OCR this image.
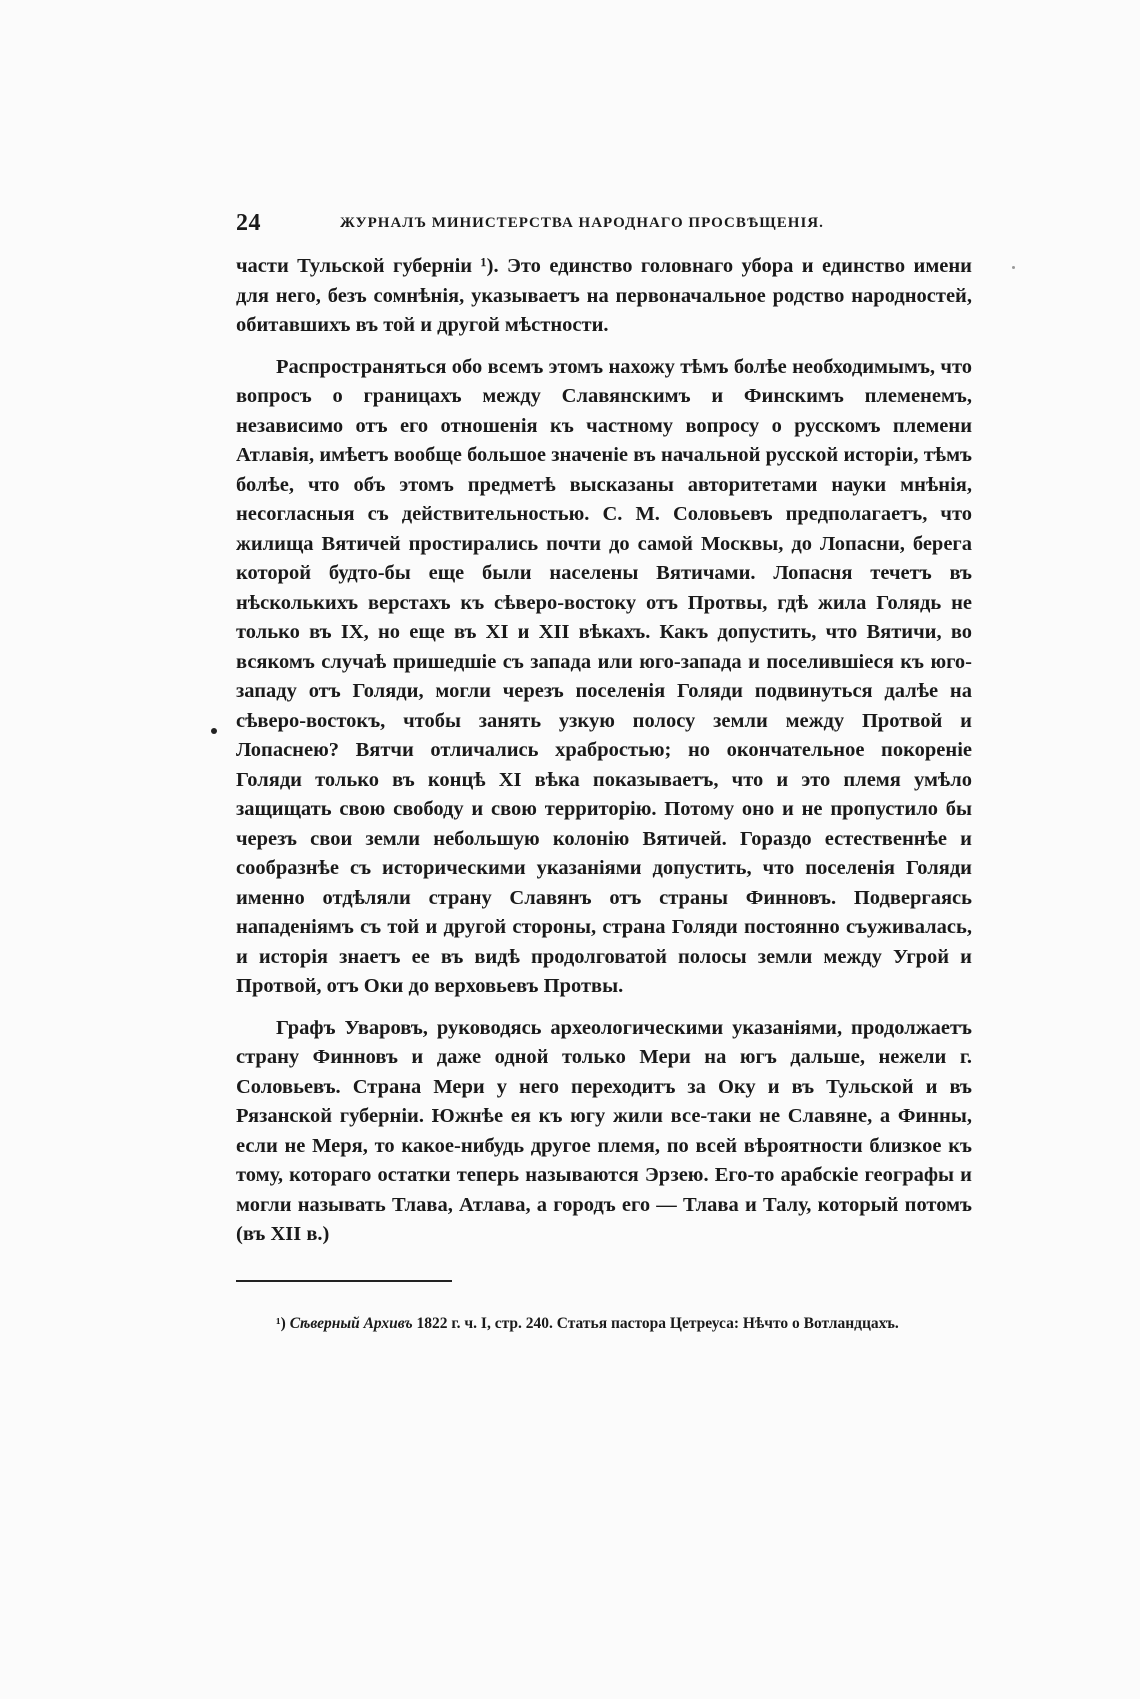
24	ЖУРНАЛЪ МИНИСТЕРСТВА НАРОДНАГО ПРОСВѢЩЕНІЯ.

части Тульской губерніи ¹). Это единство головнаго убора и единство имени для него, безъ сомнѣнія, указываетъ на первоначальное родство народностей, обитавшихъ въ той и другой мѣстности.

Распространяться обо всемъ этомъ нахожу тѣмъ болѣе необходимымъ, что вопросъ о границахъ между Славянскимъ и Финскимъ племенемъ, независимо отъ его отношенія къ частному вопросу о русскомъ племени Атлавія, имѣетъ вообще большое значеніе въ начальной русской исторіи, тѣмъ болѣе, что объ этомъ предметѣ высказаны авторитетами науки мнѣнія, несогласныя съ действительностью. С. М. Соловьевъ предполагаетъ, что жилища Вятичей простирались почти до самой Москвы, до Лопасни, берега которой будто-бы еще были населены Вятичами. Лопасня течетъ въ нѣсколькихъ верстахъ къ сѣверо-востоку отъ Протвы, гдѣ жила Голядь не только въ IX, но еще въ XI и XII вѣкахъ. Какъ допустить, что Вятичи, во всякомъ случаѣ пришедшіе съ запада или юго-запада и поселившіеся къ юго-западу отъ Голяди, могли черезъ поселенія Голяди подвинуться далѣе на сѣверо-востокъ, чтобы занять узкую полосу земли между Протвой и Лопаснею? Вятчи отличались храбростью; но окончательное покореніе Голяди только въ концѣ XI вѣка показываетъ, что и это племя умѣло защищать свою свободу и свою территорію. Потому оно и не пропустило бы черезъ свои земли небольшую колонію Вятичей. Гораздо естественнѣе и сообразнѣе съ историческими указаніями допустить, что поселенія Голяди именно отдѣляли страну Славянъ отъ страны Финновъ. Подвергаясь нападеніямъ съ той и другой стороны, страна Голяди постоянно съуживалась, и исторія знаетъ ее въ видѣ продолговатой полосы земли между Угрой и Протвой, отъ Оки до верховьевъ Протвы.

Графъ Уваровъ, руководясь археологическими указаніями, продолжаетъ страну Финновъ и даже одной только Мери на югъ дальше, нежели г. Соловьевъ. Страна Мери у него переходитъ за Оку и въ Тульской и въ Рязанской губерніи. Южнѣе ея къ югу жили все-таки не Славяне, а Финны, если не Меря, то какое-нибудь другое племя, по всей вѣроятности близкое къ тому, котораго остатки теперь называются Эрзею. Его-то арабскіе географы и могли называть Тлава, Атлава, а городъ его — Тлава и Талу, который потомъ (въ XII в.)

¹) Сѣверный Архивъ 1822 г. ч. I, стр. 240. Статья пастора Цетреуса: Нѣчто о Вотландцахъ.
